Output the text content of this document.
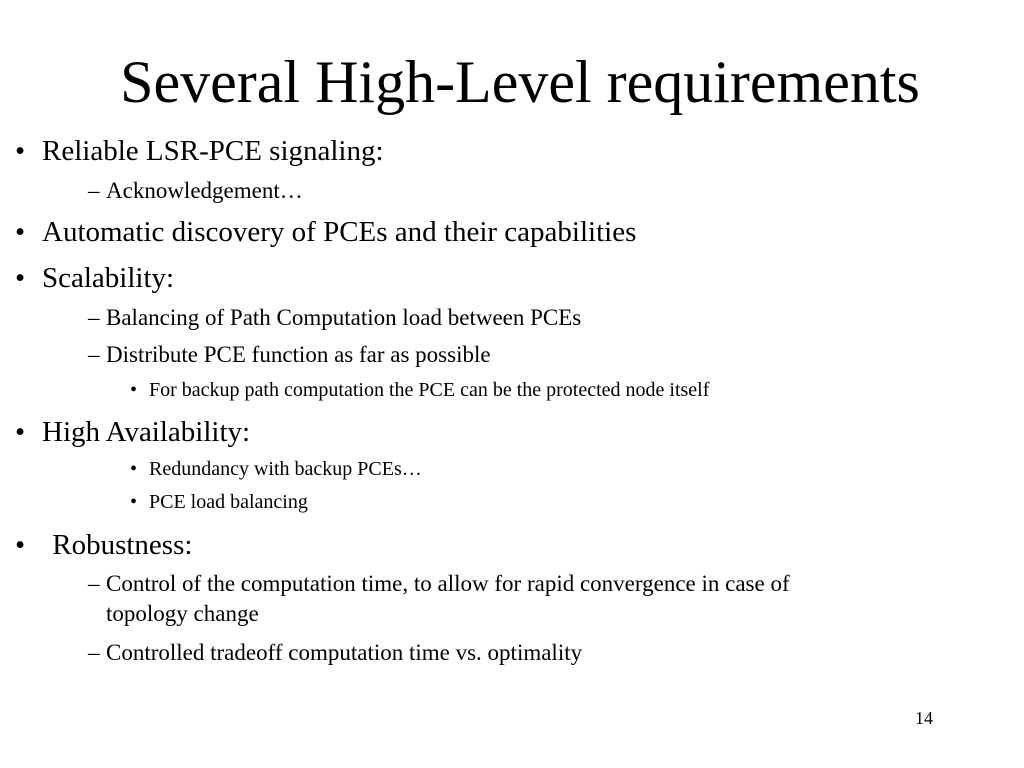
Several High-Level requirements
• Reliable LSR-PCE signaling:
– Acknowledgement…
• Automatic discovery of PCEs and their capabilities
• Scalability:
– Balancing of Path Computation load between PCEs
– Distribute PCE function as far as possible
• For backup path computation the PCE can be the protected node itself
• High Availability:
• Redundancy with backup PCEs…
• PCE load balancing
• Robustness:
– Control of the computation time, to allow for rapid convergence in case of
topology change
– Controlled tradeoff computation time vs. optimality
14
